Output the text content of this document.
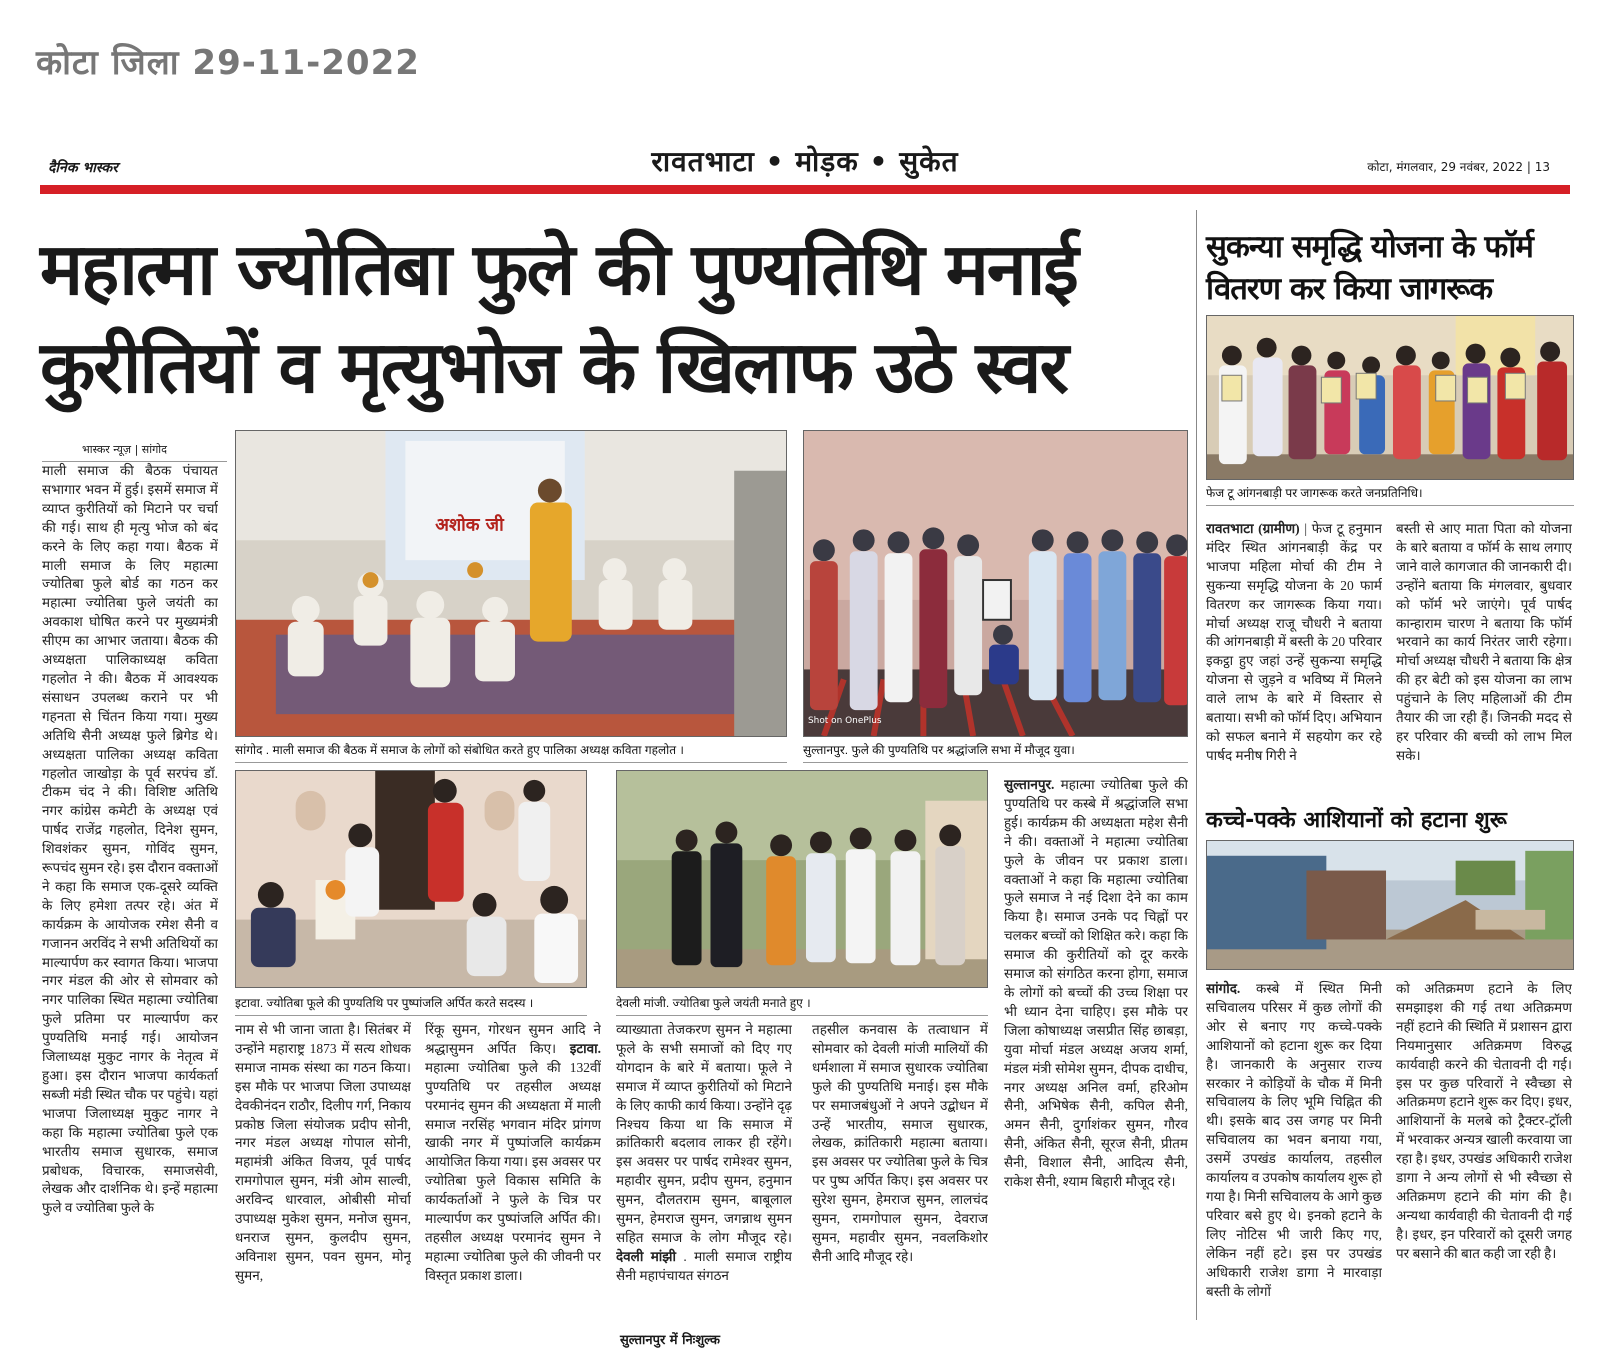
कोटा जिला 29-11-2022
दैनिक भास्कर	रावतभाटा • मोड़क • सुकेत	कोटा, मंगलवार, 29 नवंबर, 2022 | 13
महात्मा ज्योतिबा फुले की पुण्यतिथि मनाई
कुरीतियों व मृत्युभोज के खिलाफ उठे स्वर
भास्कर न्यूज़ | सांगोद
माली समाज की बैठक पंचायत सभागार भवन में हुई। इसमें समाज में व्याप्त कुरीतियों को मिटाने पर चर्चा की गई। साथ ही मृत्यु भोज को बंद करने के लिए कहा गया। बैठक में माली समाज के लिए महात्मा ज्योतिबा फुले बोर्ड का गठन कर महात्मा ज्योतिबा फुले जयंती का अवकाश घोषित करने पर मुख्यमंत्री सीएम का आभार जताया। बैठक की अध्यक्षता पालिकाध्यक्ष कविता गहलोत ने की। बैठक में आवश्यक संसाधन उपलब्ध कराने पर भी गहनता से चिंतन किया गया। मुख्य अतिथि सैनी अध्यक्ष फुले ब्रिगेड थे। अध्यक्षता पालिका अध्यक्ष कविता गहलोत जाखोड़ा के पूर्व सरपंच डॉ. टीकम चंद ने की। विशिष्ट अतिथि नगर कांग्रेस कमेटी के अध्यक्ष एवं पार्षद राजेंद्र गहलोत, दिनेश सुमन, शिवशंकर सुमन, गोविंद सुमन, रूपचंद सुमन रहे। इस दौरान वक्ताओं ने कहा कि समाज एक-दूसरे व्यक्ति के लिए हमेशा तत्पर रहे। अंत में कार्यक्रम के आयोजक रमेश सैनी व गजानन अरविंद ने सभी अतिथियों का माल्यार्पण कर स्वागत किया। भाजपा नगर मंडल की ओर से सोमवार को नगर पालिका स्थित महात्मा ज्योतिबा फुले प्रतिमा पर माल्यार्पण कर पुण्यतिथि मनाई गई। आयोजन जिलाध्यक्ष मुकुट नागर के नेतृत्व में हुआ। इस दौरान भाजपा कार्यकर्ता सब्जी मंडी स्थित चौक पर पहुंचे। यहां भाजपा जिलाध्यक्ष मुकुट नागर ने कहा कि महात्मा ज्योतिबा फुले एक भारतीय समाज सुधारक, समाज प्रबोधक, विचारक, समाजसेवी, लेखक और दार्शनिक थे। इन्हें महात्मा फुले व ज्योतिबा फुले के
अशोक जी
सांगोद . माली समाज की बैठक में समाज के लोगों को संबोधित करते हुए पालिका अध्यक्ष कविता गहलोत ।
Shot on OnePlus
सुल्तानपुर. फुले की पुण्यतिथि पर श्रद्धांजलि सभा में मौजूद युवा।
इटावा. ज्योतिबा फूले की पुण्यतिथि पर पुष्पांजलि अर्पित करते सदस्य ।	देवली मांजी. ज्योतिबा फुले जयंती मनाते हुए ।
नाम से भी जाना जाता है। सितंबर में उन्होंने महाराष्ट्र 1873 में सत्य शोधक समाज नामक संस्था का गठन किया। इस मौके पर भाजपा जिला उपाध्यक्ष देवकीनंदन राठौर, दिलीप गर्ग, निकाय प्रकोष्ठ जिला संयोजक प्रदीप सोनी, नगर मंडल अध्यक्ष गोपाल सोनी, महामंत्री अंकित विजय, पूर्व पार्षद रामगोपाल सुमन, मंत्री ओम साल्वी, अरविन्द धारवाल, ओबीसी मोर्चा उपाध्यक्ष मुकेश सुमन, मनोज सुमन, धनराज सुमन, कुलदीप सुमन, अविनाश सुमन, पवन सुमन, मोनू सुमन,
रिंकू सुमन, गोरधन सुमन आदि ने श्रद्धासुमन अर्पित किए। इटावा. महात्मा ज्योतिबा फुले की 132वीं पुण्यतिथि पर तहसील अध्यक्ष परमानंद सुमन की अध्यक्षता में माली समाज नरसिंह भगवान मंदिर प्रांगण खाकी नगर में पुष्पांजलि कार्यक्रम आयोजित किया गया। इस अवसर पर ज्योतिबा फुले विकास समिति के कार्यकर्ताओं ने फुले के चित्र पर माल्यार्पण कर पुष्पांजलि अर्पित की। तहसील अध्यक्ष परमानंद सुमन ने महात्मा ज्योतिबा फुले की जीवनी पर विस्तृत प्रकाश डाला।
व्याख्याता तेजकरण सुमन ने महात्मा फूले के सभी समाजों को दिए गए योगदान के बारे में बताया। फूले ने समाज में व्याप्त कुरीतियों को मिटाने के लिए काफी कार्य किया। उन्होंने दृढ़ निश्चय किया था कि समाज में क्रांतिकारी बदलाव लाकर ही रहेंगे। इस अवसर पर पार्षद रामेश्वर सुमन, महावीर सुमन, प्रदीप सुमन, हनुमान सुमन, दौलतराम सुमन, बाबूलाल सुमन, हेमराज सुमन, जगन्नाथ सुमन सहित समाज के लोग मौजूद रहे। देवली मांझी . माली समाज राष्ट्रीय सैनी महापंचायत संगठन
तहसील कनवास के तत्वाधान में सोमवार को देवली मांजी मालियों की धर्मशाला में समाज सुधारक ज्योतिबा फुले की पुण्यतिथि मनाई। इस मौके पर समाजबंधुओं ने अपने उद्बोधन में उन्हें भारतीय, समाज सुधारक, लेखक, क्रांतिकारी महात्मा बताया। इस अवसर पर ज्योतिबा फुले के चित्र पर पुष्प अर्पित किए। इस अवसर पर सुरेश सुमन, हेमराज सुमन, लालचंद सुमन, रामगोपाल सुमन, देवराज सुमन, महावीर सुमन, नवलकिशोर सैनी आदि मौजूद रहे।
सुल्तानपुर. महात्मा ज्योतिबा फुले की पुण्यतिथि पर कस्बे में श्रद्धांजलि सभा हुई। कार्यक्रम की अध्यक्षता महेश सैनी ने की। वक्ताओं ने महात्मा ज्योतिबा फुले के जीवन पर प्रकाश डाला। वक्ताओं ने कहा कि महात्मा ज्योतिबा फुले समाज ने नई दिशा देने का काम किया है। समाज उनके पद चिह्नों पर चलकर बच्चों को शिक्षित करे। कहा कि समाज की कुरीतियों को दूर करके समाज को संगठित करना होगा, समाज के लोगों को बच्चों की उच्च शिक्षा पर भी ध्यान देना चाहिए। इस मौके पर जिला कोषाध्यक्ष जसप्रीत सिंह छाबड़ा, युवा मोर्चा मंडल अध्यक्ष अजय शर्मा, मंडल मंत्री सोमेश सुमन, दीपक दाधीच, नगर अध्यक्ष अनिल वर्मा, हरिओम सैनी, अभिषेक सैनी, कपिल सैनी, अमन सैनी, दुर्गाशंकर सुमन, गौरव सैनी, अंकित सैनी, सूरज सैनी, प्रीतम सैनी, विशाल सैनी, आदित्य सैनी, राकेश सैनी, श्याम बिहारी मौजूद रहे।
सुकन्या समृद्धि योजना के फॉर्म वितरण कर किया जागरूक
फेज टू आंगनबाड़ी पर जागरूक करते जनप्रतिनिधि।
रावतभाटा (ग्रामीण) | फेज टू हनुमान मंदिर स्थित आंगनबाड़ी केंद्र पर भाजपा महिला मोर्चा की टीम ने सुकन्या समृद्धि योजना के 20 फार्म वितरण कर जागरूक किया गया। मोर्चा अध्यक्ष राजू चौधरी ने बताया की आंगनबाड़ी में बस्ती के 20 परिवार इकट्ठा हुए जहां उन्हें सुकन्या समृद्धि योजना से जुड़ने व भविष्य में मिलने वाले लाभ के बारे में विस्तार से बताया। सभी को फॉर्म दिए। अभियान को सफल बनाने में सहयोग कर रहे पार्षद मनीष गिरी ने
बस्ती से आए माता पिता को योजना के बारे बताया व फॉर्म के साथ लगाए जाने वाले कागजात की जानकारी दी। उन्होंने बताया कि मंगलवार, बुधवार को फॉर्म भरे जाएंगे। पूर्व पार्षद कान्हाराम चारण ने बताया कि फॉर्म भरवाने का कार्य निरंतर जारी रहेगा। मोर्चा अध्यक्ष चौधरी ने बताया कि क्षेत्र की हर बेटी को इस योजना का लाभ पहुंचाने के लिए महिलाओं की टीम तैयार की जा रही हैं। जिनकी मदद से हर परिवार की बच्ची को लाभ मिल सके।
कच्चे-पक्के आशियानों को हटाना शुरू
सांगोद. कस्बे में स्थित मिनी सचिवालय परिसर में कुछ लोगों की ओर से बनाए गए कच्चे-पक्के आशियानों को हटाना शुरू कर दिया है। जानकारी के अनुसार राज्य सरकार ने कोड़ियों के चौक में मिनी सचिवालय के लिए भूमि चिह्नित की थी। इसके बाद उस जगह पर मिनी सचिवालय का भवन बनाया गया, उसमें उपखंड कार्यालय, तहसील कार्यालय व उपकोष कार्यालय शुरू हो गया है। मिनी सचिवालय के आगे कुछ परिवार बसे हुए थे। इनको हटाने के लिए नोटिस भी जारी किए गए, लेकिन नहीं हटे। इस पर उपखंड अधिकारी राजेश डागा ने मारवाड़ा बस्ती के लोगों
को अतिक्रमण हटाने के लिए समझाइश की गई तथा अतिक्रमण नहीं हटाने की स्थिति में प्रशासन द्वारा नियमानुसार अतिक्रमण विरुद्ध कार्यवाही करने की चेतावनी दी गई। इस पर कुछ परिवारों ने स्वैच्छा से अतिक्रमण हटाने शुरू कर दिए। इधर, आशियानों के मलबे को ट्रैक्टर-ट्रॉली में भरवाकर अन्यत्र खाली करवाया जा रहा है। इधर, उपखंड अधिकारी राजेश डागा ने अन्य लोगों से भी स्वैच्छा से अतिक्रमण हटाने की मांग की है। अन्यथा कार्यवाही की चेतावनी दी गई है। इधर, इन परिवारों को दूसरी जगह पर बसाने की बात कही जा रही है।
सुल्तानपुर में निःशुल्क
